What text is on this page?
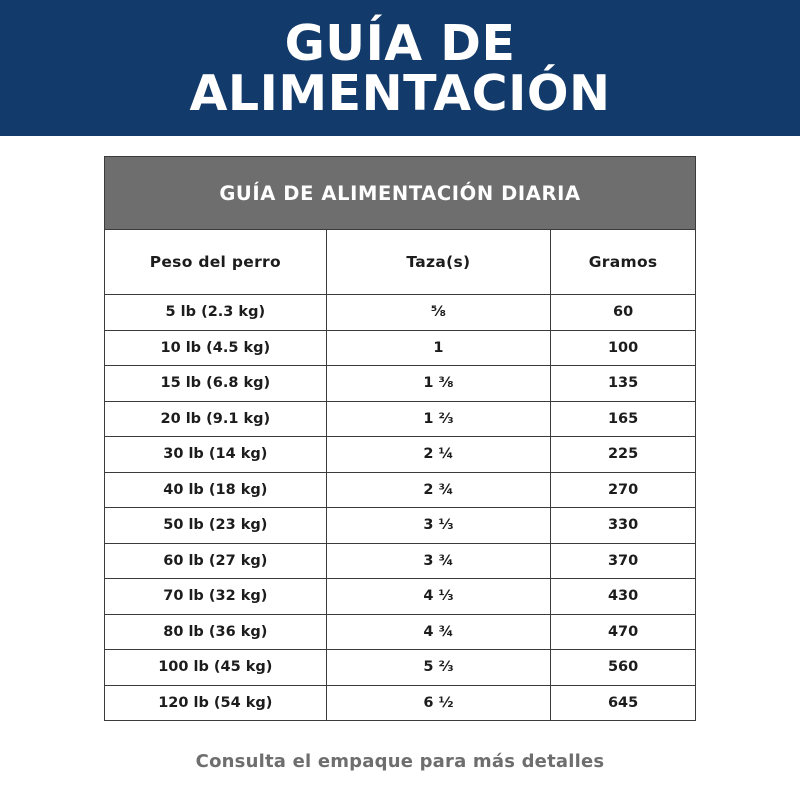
GUÍA DE
ALIMENTACIÓN
GUÍA DE ALIMENTACIÓN DIARIA		
Peso del perro	Taza(s)	Gramos
5 lb (2.3 kg)	⅝	60
10 lb (4.5 kg)	1	100
15 lb (6.8 kg)	1 ⅜	135
20 lb (9.1 kg)	1 ⅔	165
30 lb (14 kg)	2 ¼	225
40 lb (18 kg)	2 ¾	270
50 lb (23 kg)	3 ⅓	330
60 lb (27 kg)	3 ¾	370
70 lb (32 kg)	4 ⅓	430
80 lb (36 kg)	4 ¾	470
100 lb (45 kg)	5 ⅔	560
120 lb (54 kg)	6 ½	645
Consulta el empaque para más detalles
